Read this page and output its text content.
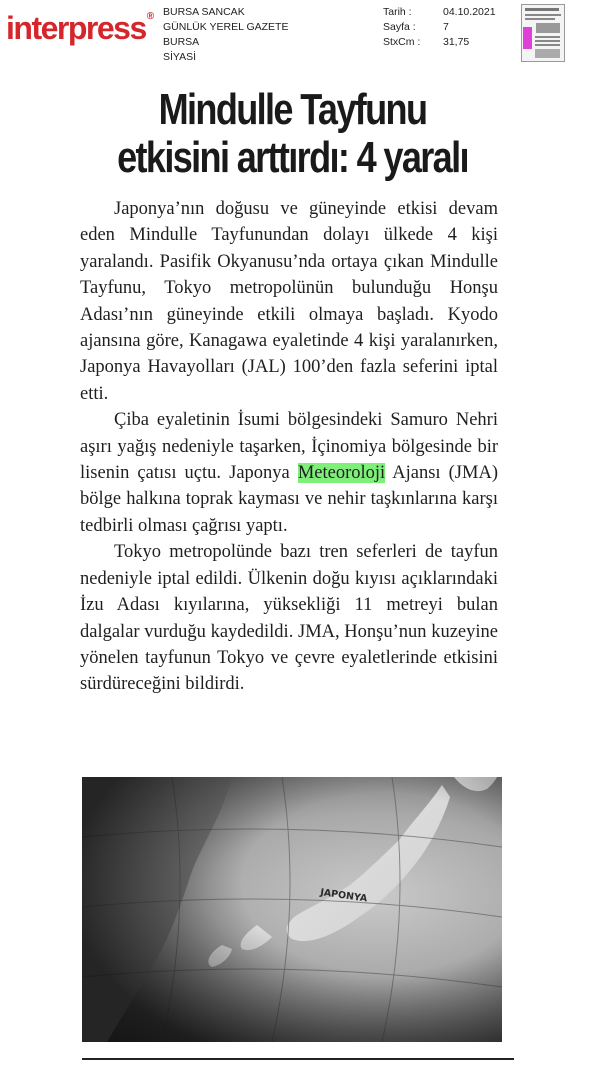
interpress® BURSA SANCAK
GÜNLÜK YEREL GAZETE
BURSA
SİYASİ
Tarih :	04.10.2021
Sayfa :	7
StxCm :	31,75
Mindulle Tayfunu
etkisini arttırdı: 4 yaralı

Japonya’nın doğusu ve güneyinde etkisi devam eden Mindulle Tayfunundan dolayı ülkede 4 kişi yaralandı. Pasifik Okyanusu’nda ortaya çıkan Mindulle Tayfunu, Tokyo metropolünün bulunduğu Honşu Adası’nın güneyinde etkili olmaya başladı. Kyodo ajansına göre, Kanagawa eyaletinde 4 kişi yaralanırken, Japonya Havayolları (JAL) 100’den fazla seferini iptal etti.

Çiba eyaletinin İsumi bölgesindeki Samuro Nehri aşırı yağış nedeniyle taşarken, İçinomiya bölgesinde bir lisenin çatısı uçtu. Japonya Meteoroloji Ajansı (JMA) bölge halkına toprak kayması ve nehir taşkınlarına karşı tedbirli olması çağrısı yaptı.

Tokyo metropolünde bazı tren seferleri de tayfun nedeniyle iptal edildi. Ülkenin doğu kıyısı açıklarındaki İzu Adası kıyılarına, yüksekliği 11 metreyi bulan dalgalar vurduğu kaydedildi. JMA, Honşu’nun kuzeyine yönelen tayfunun Tokyo ve çevre eyaletlerinde etkisini sürdüreceğini bildirdi.
